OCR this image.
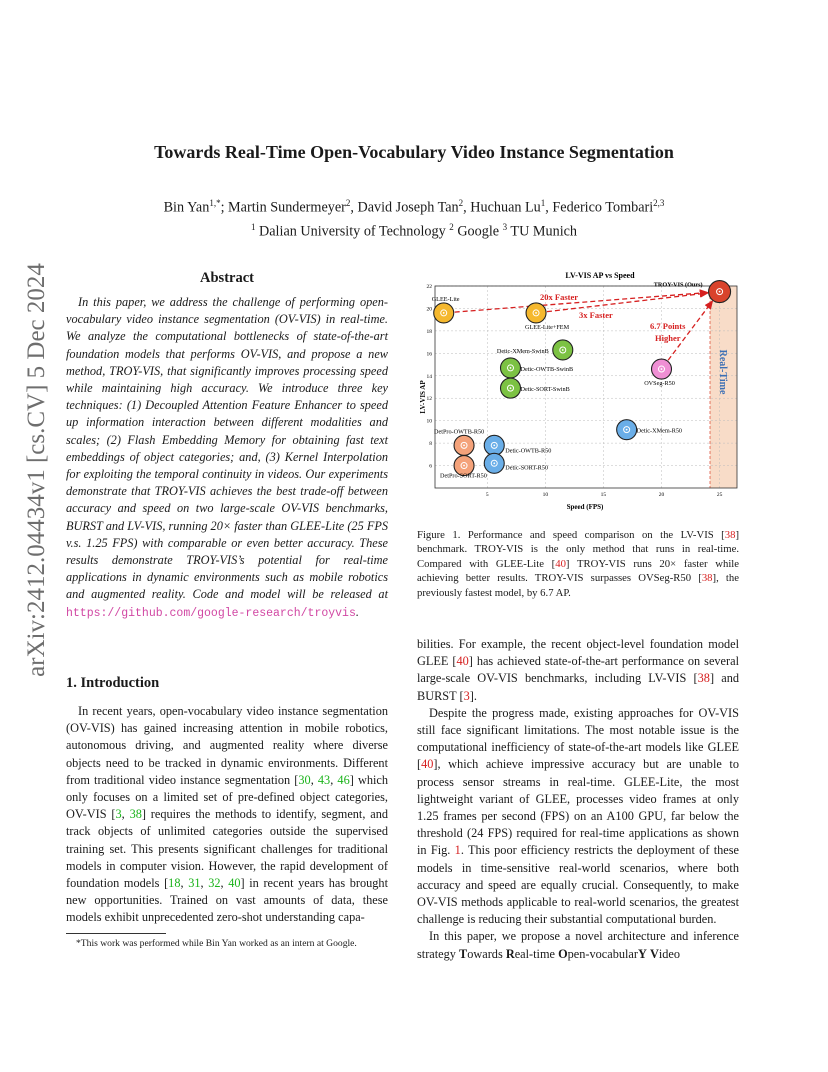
arXiv:2412.04434v1 [cs.CV] 5 Dec 2024
Towards Real-Time Open-Vocabulary Video Instance Segmentation
Bin Yan$^{1,*}$; Martin Sundermeyer$^2$, David Joseph Tan$^2$, Huchuan Lu$^1$, Federico Tombari$^{2,3}$
$^1$ Dalian University of Technology $^2$ Google $^3$ TU Munich
Abstract

In this paper, we address the challenge of performing open-vocabulary video instance segmentation (OV-VIS) in real-time. We analyze the computational bottlenecks of state-of-the-art foundation models that performs OV-VIS, and propose a new method, TROY-VIS, that significantly improves processing speed while maintaining high accuracy. We introduce three key techniques: (1) Decoupled Attention Feature Enhancer to speed up information interaction between different modalities and scales; (2) Flash Embedding Memory for obtaining fast text embeddings of object categories; and, (3) Kernel Interpolation for exploiting the temporal continuity in videos. Our experiments demonstrate that TROY-VIS achieves the best trade-off between accuracy and speed on two large-scale OV-VIS benchmarks, BURST and LV-VIS, running 20× faster than GLEE-Lite (25 FPS v.s. 1.25 FPS) with comparable or even better accuracy. These results demonstrate TROY-VIS’s potential for real-time applications in dynamic environments such as mobile robotics and augmented reality. Code and model will be released at https://github.com/google-research/troyvis.

1. Introduction

In recent years, open-vocabulary video instance segmentation (OV-VIS) has gained increasing attention in mobile robotics, autonomous driving, and augmented reality where diverse objects need to be tracked in dynamic environments. Different from traditional video instance segmentation [30, 43, 46] which only focuses on a limited set of pre-defined object categories, OV-VIS [3, 38] requires the methods to identify, segment, and track objects of unlimited categories outside the supervised training set. This presents significant challenges for traditional models in computer vision. However, the rapid development of foundation models [18, 31, 32, 40] in recent years has brought new opportunities. Trained on vast amounts of data, these models exhibit unprecedented zero-shot understanding capa-

*This work was performed while Bin Yan worked as an intern at Google.
LV-VIS AP vs Speed
6
8
10
12
14
16
18
20
22
5	10	15	20	25
LV-VIS AP
Speed (FPS)
Real-Time
GLEE-Lite
GLEE-Lite+FEM
TROY-VIS (Ours)
Detic-XMem-SwinB
Detic-OWTB-SwinB
Detic-SORT-SwinB
OVSeg-R50
Detic-XMem-R50
DetPro-OWTB-R50
Detic-OWTB-R50
Detic-SORT-R50
DetPro-SORT-R50
20x Faster
3x Faster
6.7 Points
Higher

Figure 1. Performance and speed comparison on the LV-VIS [38] benchmark. TROY-VIS is the only method that runs in real-time. Compared with GLEE-Lite [40] TROY-VIS runs 20× faster while achieving better results. TROY-VIS surpasses OVSeg-R50 [38], the previously fastest model, by 6.7 AP.

bilities. For example, the recent object-level foundation model GLEE [40] has achieved state-of-the-art performance on several large-scale OV-VIS benchmarks, including LV-VIS [38] and BURST [3].

Despite the progress made, existing approaches for OV-VIS still face significant limitations. The most notable issue is the computational inefficiency of state-of-the-art models like GLEE [40], which achieve impressive accuracy but are unable to process sensor streams in real-time. GLEE-Lite, the most lightweight variant of GLEE, processes video frames at only 1.25 frames per second (FPS) on an A100 GPU, far below the threshold (24 FPS) required for real-time applications as shown in Fig. 1. This poor efficiency restricts the deployment of these models in time-sensitive real-world scenarios, where both accuracy and speed are equally crucial. Consequently, to make OV-VIS methods applicable to real-world scenarios, the greatest challenge is reducing their substantial computational burden.

In this paper, we propose a novel architecture and inference strategy Towards Real-time Open-vocabularY Video
